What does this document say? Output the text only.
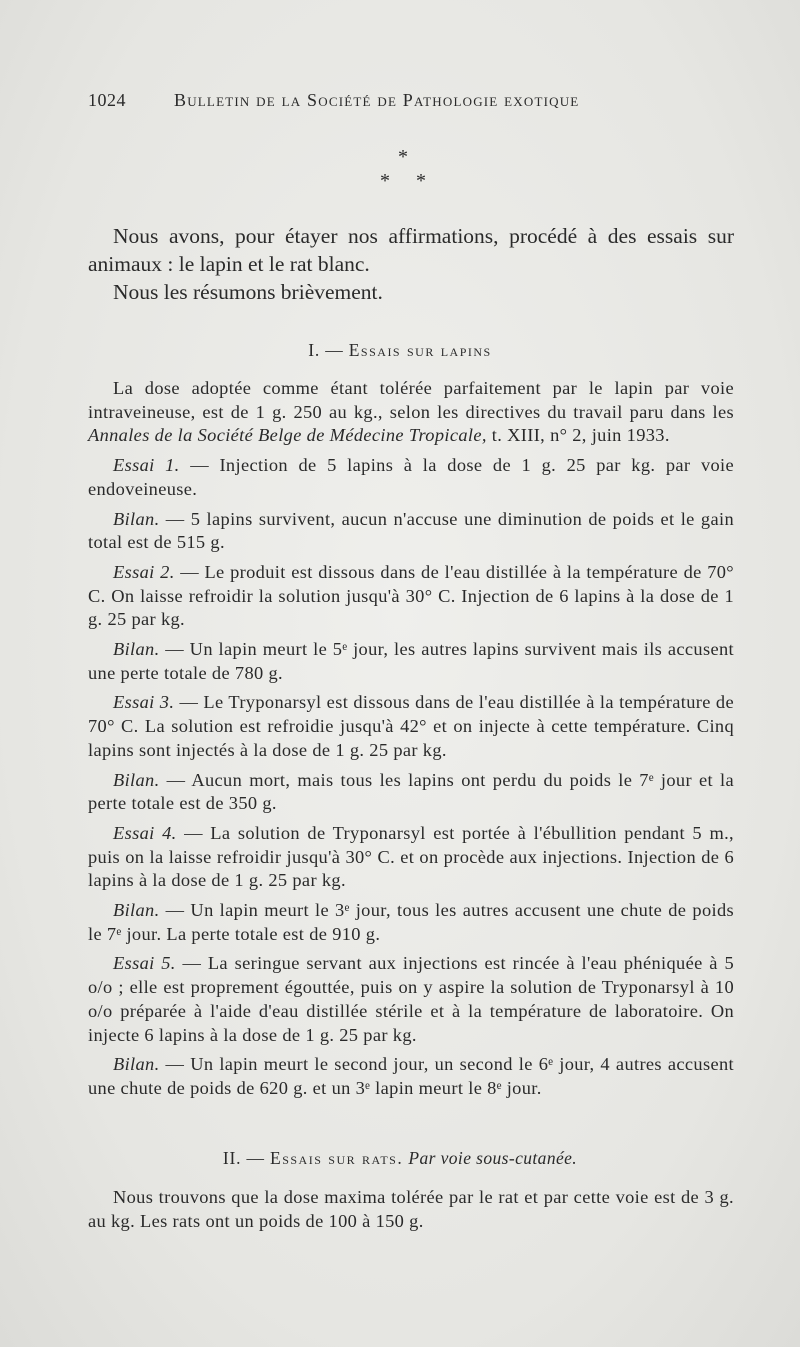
1024	Bulletin de la Société de Pathologie exotique
*
* *

Nous avons, pour étayer nos affirmations, procédé à des essais sur animaux : le lapin et le rat blanc.

Nous les résumons brièvement.

I. — Essais sur lapins

La dose adoptée comme étant tolérée parfaitement par le lapin par voie intraveineuse, est de 1 g. 250 au kg., selon les directives du travail paru dans les Annales de la Société Belge de Médecine Tropicale, t. XIII, n° 2, juin 1933.

Essai 1. — Injection de 5 lapins à la dose de 1 g. 25 par kg. par voie endoveineuse.

Bilan. — 5 lapins survivent, aucun n'accuse une diminution de poids et le gain total est de 515 g.

Essai 2. — Le produit est dissous dans de l'eau distillée à la température de 70° C. On laisse refroidir la solution jusqu'à 30° C. Injection de 6 lapins à la dose de 1 g. 25 par kg.

Bilan. — Un lapin meurt le 5ᵉ jour, les autres lapins survivent mais ils accusent une perte totale de 780 g.

Essai 3. — Le Tryponarsyl est dissous dans de l'eau distillée à la température de 70° C. La solution est refroidie jusqu'à 42° et on injecte à cette température. Cinq lapins sont injectés à la dose de 1 g. 25 par kg.

Bilan. — Aucun mort, mais tous les lapins ont perdu du poids le 7ᵉ jour et la perte totale est de 350 g.

Essai 4. — La solution de Tryponarsyl est portée à l'ébullition pendant 5 m., puis on la laisse refroidir jusqu'à 30° C. et on procède aux injections. Injection de 6 lapins à la dose de 1 g. 25 par kg.

Bilan. — Un lapin meurt le 3ᵉ jour, tous les autres accusent une chute de poids le 7ᵉ jour. La perte totale est de 910 g.

Essai 5. — La seringue servant aux injections est rincée à l'eau phéniquée à 5 o/o ; elle est proprement égouttée, puis on y aspire la solution de Tryponarsyl à 10 o/o préparée à l'aide d'eau distillée stérile et à la température de laboratoire. On injecte 6 lapins à la dose de 1 g. 25 par kg.

Bilan. — Un lapin meurt le second jour, un second le 6ᵉ jour, 4 autres accusent une chute de poids de 620 g. et un 3ᵉ lapin meurt le 8ᵉ jour.

II. — Essais sur rats. Par voie sous-cutanée.

Nous trouvons que la dose maxima tolérée par le rat et par cette voie est de 3 g. au kg. Les rats ont un poids de 100 à 150 g.
